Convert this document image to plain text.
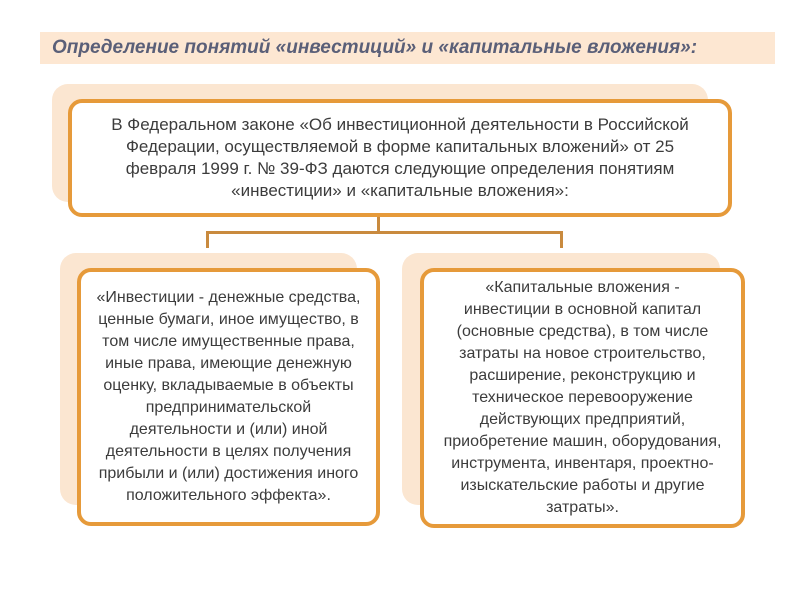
Определение понятий «инвестиций» и «капитальные вложения»:
В Федеральном законе «Об инвестиционной деятельности в Российской Федерации, осуществляемой в форме капитальных вложений» от 25 февраля 1999 г. № 39-ФЗ даются следующие определения понятиям «инвестиции» и «капитальные вложения»:
«Инвестиции - денежные средства, ценные бумаги, иное имущество, в том числе имущественные права, иные права, имеющие денежную оценку, вкладываемые в объекты предпринимательской деятельности и (или) иной деятельности в целях получения прибыли и (или) достижения иного положительного эффекта».
«Капитальные вложения - инвестиции в основной капитал (основные средства), в том числе затраты на новое строительство, расширение, реконструкцию и техническое перевооружение действующих предприятий, приобретение машин, оборудования, инструмента, инвентаря, проектно-изыскательские работы и другие затраты».
